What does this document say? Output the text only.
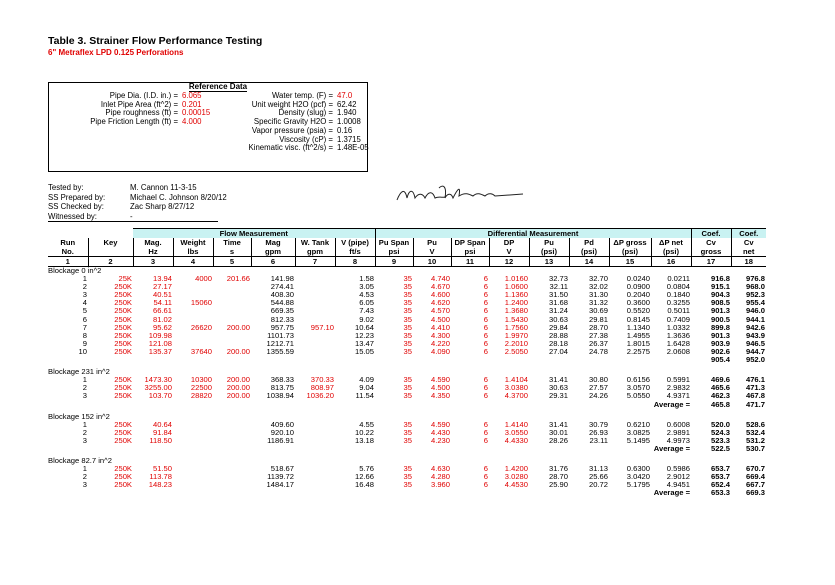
Table 3. Strainer Flow Performance Testing
6" Metraflex LPD 0.125 Perforations
Reference Data
Pipe Dia. (I.D. in.) = 6.065
Inlet Pipe Area (ft^2) = 0.201
Pipe roughness (ft) = 0.00015
Pipe Friction Length (ft) = 4.000
Water temp. (F) = 47.0
Unit weight H2O (pcf) = 62.42
Density (slug) = 1.940
Specific Gravity H2O = 1.0008
Vapor pressure (psia) = 0.16
Viscosity (cP) = 1.3715
Kinematic visc. (ft^2/s) = 1.48E-05
Tested by:	M. Cannon 11-3-15
SS Prepared by:	Michael C. Johnson 8/20/12
SS Checked by:	Zac Sharp 8/27/12
Witnessed by:	-
		Flow Measurement						Differential Measurement								Coef.	Coef.
Run	Key	Mag.	Weight	Time	Mag	W. Tank	V (pipe)	Pu Span	Pu	DP Span	DP	Pu	Pd	ΔP gross	ΔP net	Cv	Cv
No.		Hz	lbs	s	gpm	gpm	ft/s	psi	V	psi	V	(psi)	(psi)	(psi)	(psi)	gross	net
1	2	3	4	5	6	7	8	9	10	11	12	13	14	15	16	17	18
Blockage 0 in^2																	
1	25K	13.94	4000	201.66	141.98		1.58	35	4.740	6	1.0160	32.73	32.70	0.0240	0.0211	916.8	976.8
2	250K	27.17			274.41		3.05	35	4.670	6	1.0600	32.11	32.02	0.0900	0.0804	915.1	968.0
3	250K	40.51			408.30		4.53	35	4.600	6	1.1360	31.50	31.30	0.2040	0.1840	904.3	952.3
4	250K	54.11	15060		544.88		6.05	35	4.620	6	1.2400	31.68	31.32	0.3600	0.3255	908.5	955.4
5	250K	66.61			669.35		7.43	35	4.570	6	1.3680	31.24	30.69	0.5520	0.5011	901.3	946.0
6	250K	81.02			812.33		9.02	35	4.500	6	1.5430	30.63	29.81	0.8145	0.7409	900.5	944.1
7	250K	95.62	26620	200.00	957.75	957.10	10.64	35	4.410	6	1.7560	29.84	28.70	1.1340	1.0332	899.8	942.6
8	250K	109.98			1101.73		12.23	35	4.300	6	1.9970	28.88	27.38	1.4955	1.3636	901.3	943.9
9	250K	121.08			1212.71		13.47	35	4.220	6	2.2010	28.18	26.37	1.8015	1.6428	903.9	946.5
10	250K	135.37	37640	200.00	1355.59		15.05	35	4.090	6	2.5050	27.04	24.78	2.2575	2.0608	902.6	944.7
																905.4	952.0

Blockage 231 in^2																	
1	250K	1473.30	10300	200.00	368.33	370.33	4.09	35	4.590	6	1.4104	31.41	30.80	0.6156	0.5991	469.6	476.1
2	250K	3255.00	22500	200.00	813.75	808.97	9.04	35	4.500	6	3.0380	30.63	27.57	3.0570	2.9832	465.6	471.3
3	250K	103.70	28820	200.00	1038.94	1036.20	11.54	35	4.350	6	4.3700	29.31	24.26	5.0550	4.9371	462.3	467.8
														Average =		465.8	471.7

Blockage 152 in^2																	
1	250K	40.64			409.60		4.55	35	4.590	6	1.4140	31.41	30.79	0.6210	0.6008	520.0	528.6
2	250K	91.84			920.10		10.22	35	4.430	6	3.0550	30.01	26.93	3.0825	2.9891	524.3	532.4
3	250K	118.50			1186.91		13.18	35	4.230	6	4.4330	28.26	23.11	5.1495	4.9973	523.3	531.2
														Average =		522.5	530.7

Blockage 82.7 in^2																	
1	250K	51.50			518.67		5.76	35	4.630	6	1.4200	31.76	31.13	0.6300	0.5986	653.7	670.7
2	250K	113.78			1139.72		12.66	35	4.280	6	3.0280	28.70	25.66	3.0420	2.9012	653.7	669.4
3	250K	148.23			1484.17		16.48	35	3.960	6	4.4530	25.90	20.72	5.1795	4.9451	652.4	667.7
														Average =		653.3	669.3
